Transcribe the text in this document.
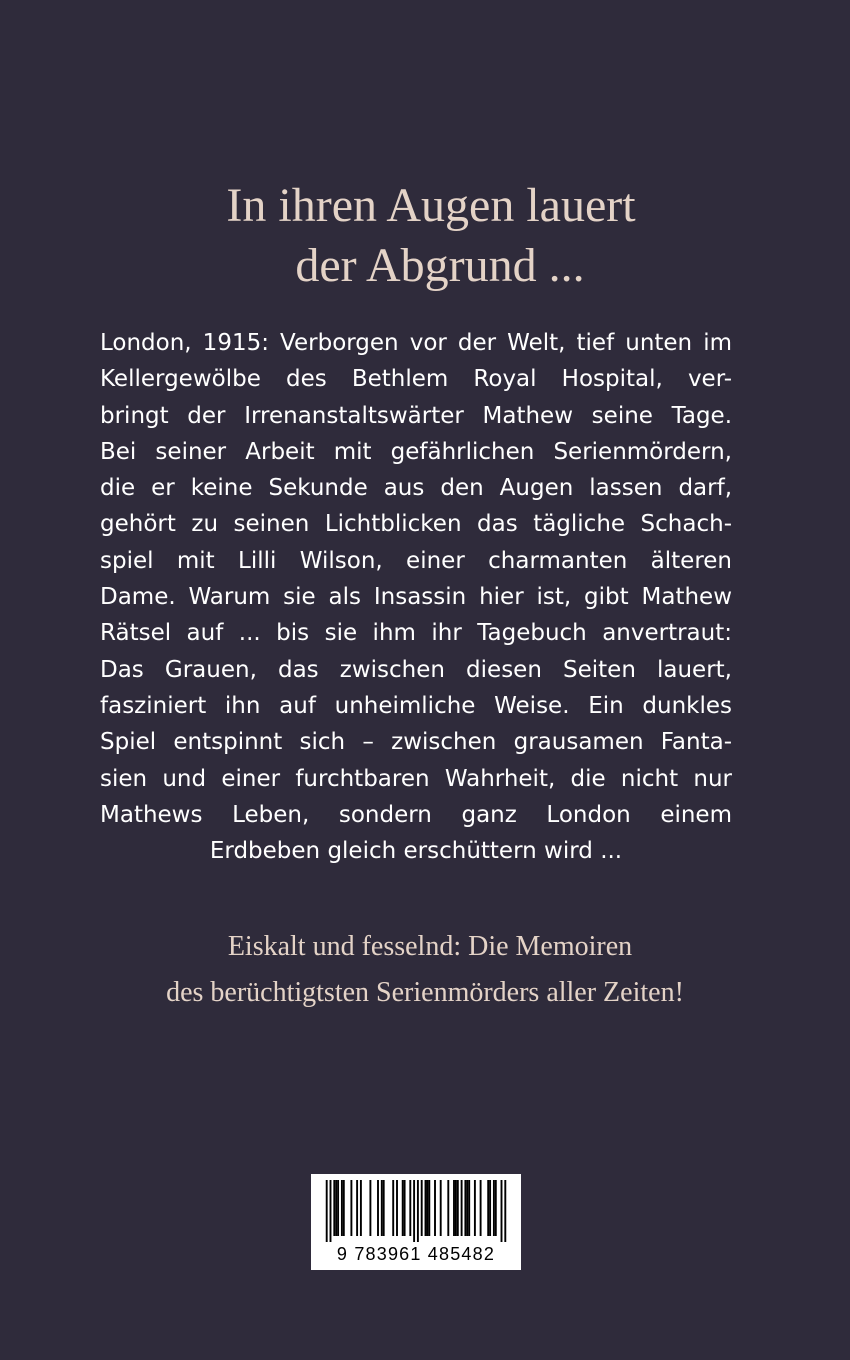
In ihren Augen lauert
der Abgrund ...
London, 1915: Verborgen vor der Welt, tief unten im
Kellergewölbe des Bethlem Royal Hospital, ver-
bringt der Irrenanstaltswärter Mathew seine Tage.
Bei seiner Arbeit mit gefährlichen Serienmördern,
die er keine Sekunde aus den Augen lassen darf,
gehört zu seinen Lichtblicken das tägliche Schach-
spiel mit Lilli Wilson, einer charmanten älteren
Dame. Warum sie als Insassin hier ist, gibt Mathew
Rätsel auf ... bis sie ihm ihr Tagebuch anvertraut:
Das Grauen, das zwischen diesen Seiten lauert,
fasziniert ihn auf unheimliche Weise. Ein dunkles
Spiel entspinnt sich – zwischen grausamen Fanta-
sien und einer furchtbaren Wahrheit, die nicht nur
Mathews Leben, sondern ganz London einem
Erdbeben gleich erschüttern wird ...
Eiskalt und fesselnd: Die Memoiren
des berüchtigtsten Serienmörders aller Zeiten!
9 783961 485482
